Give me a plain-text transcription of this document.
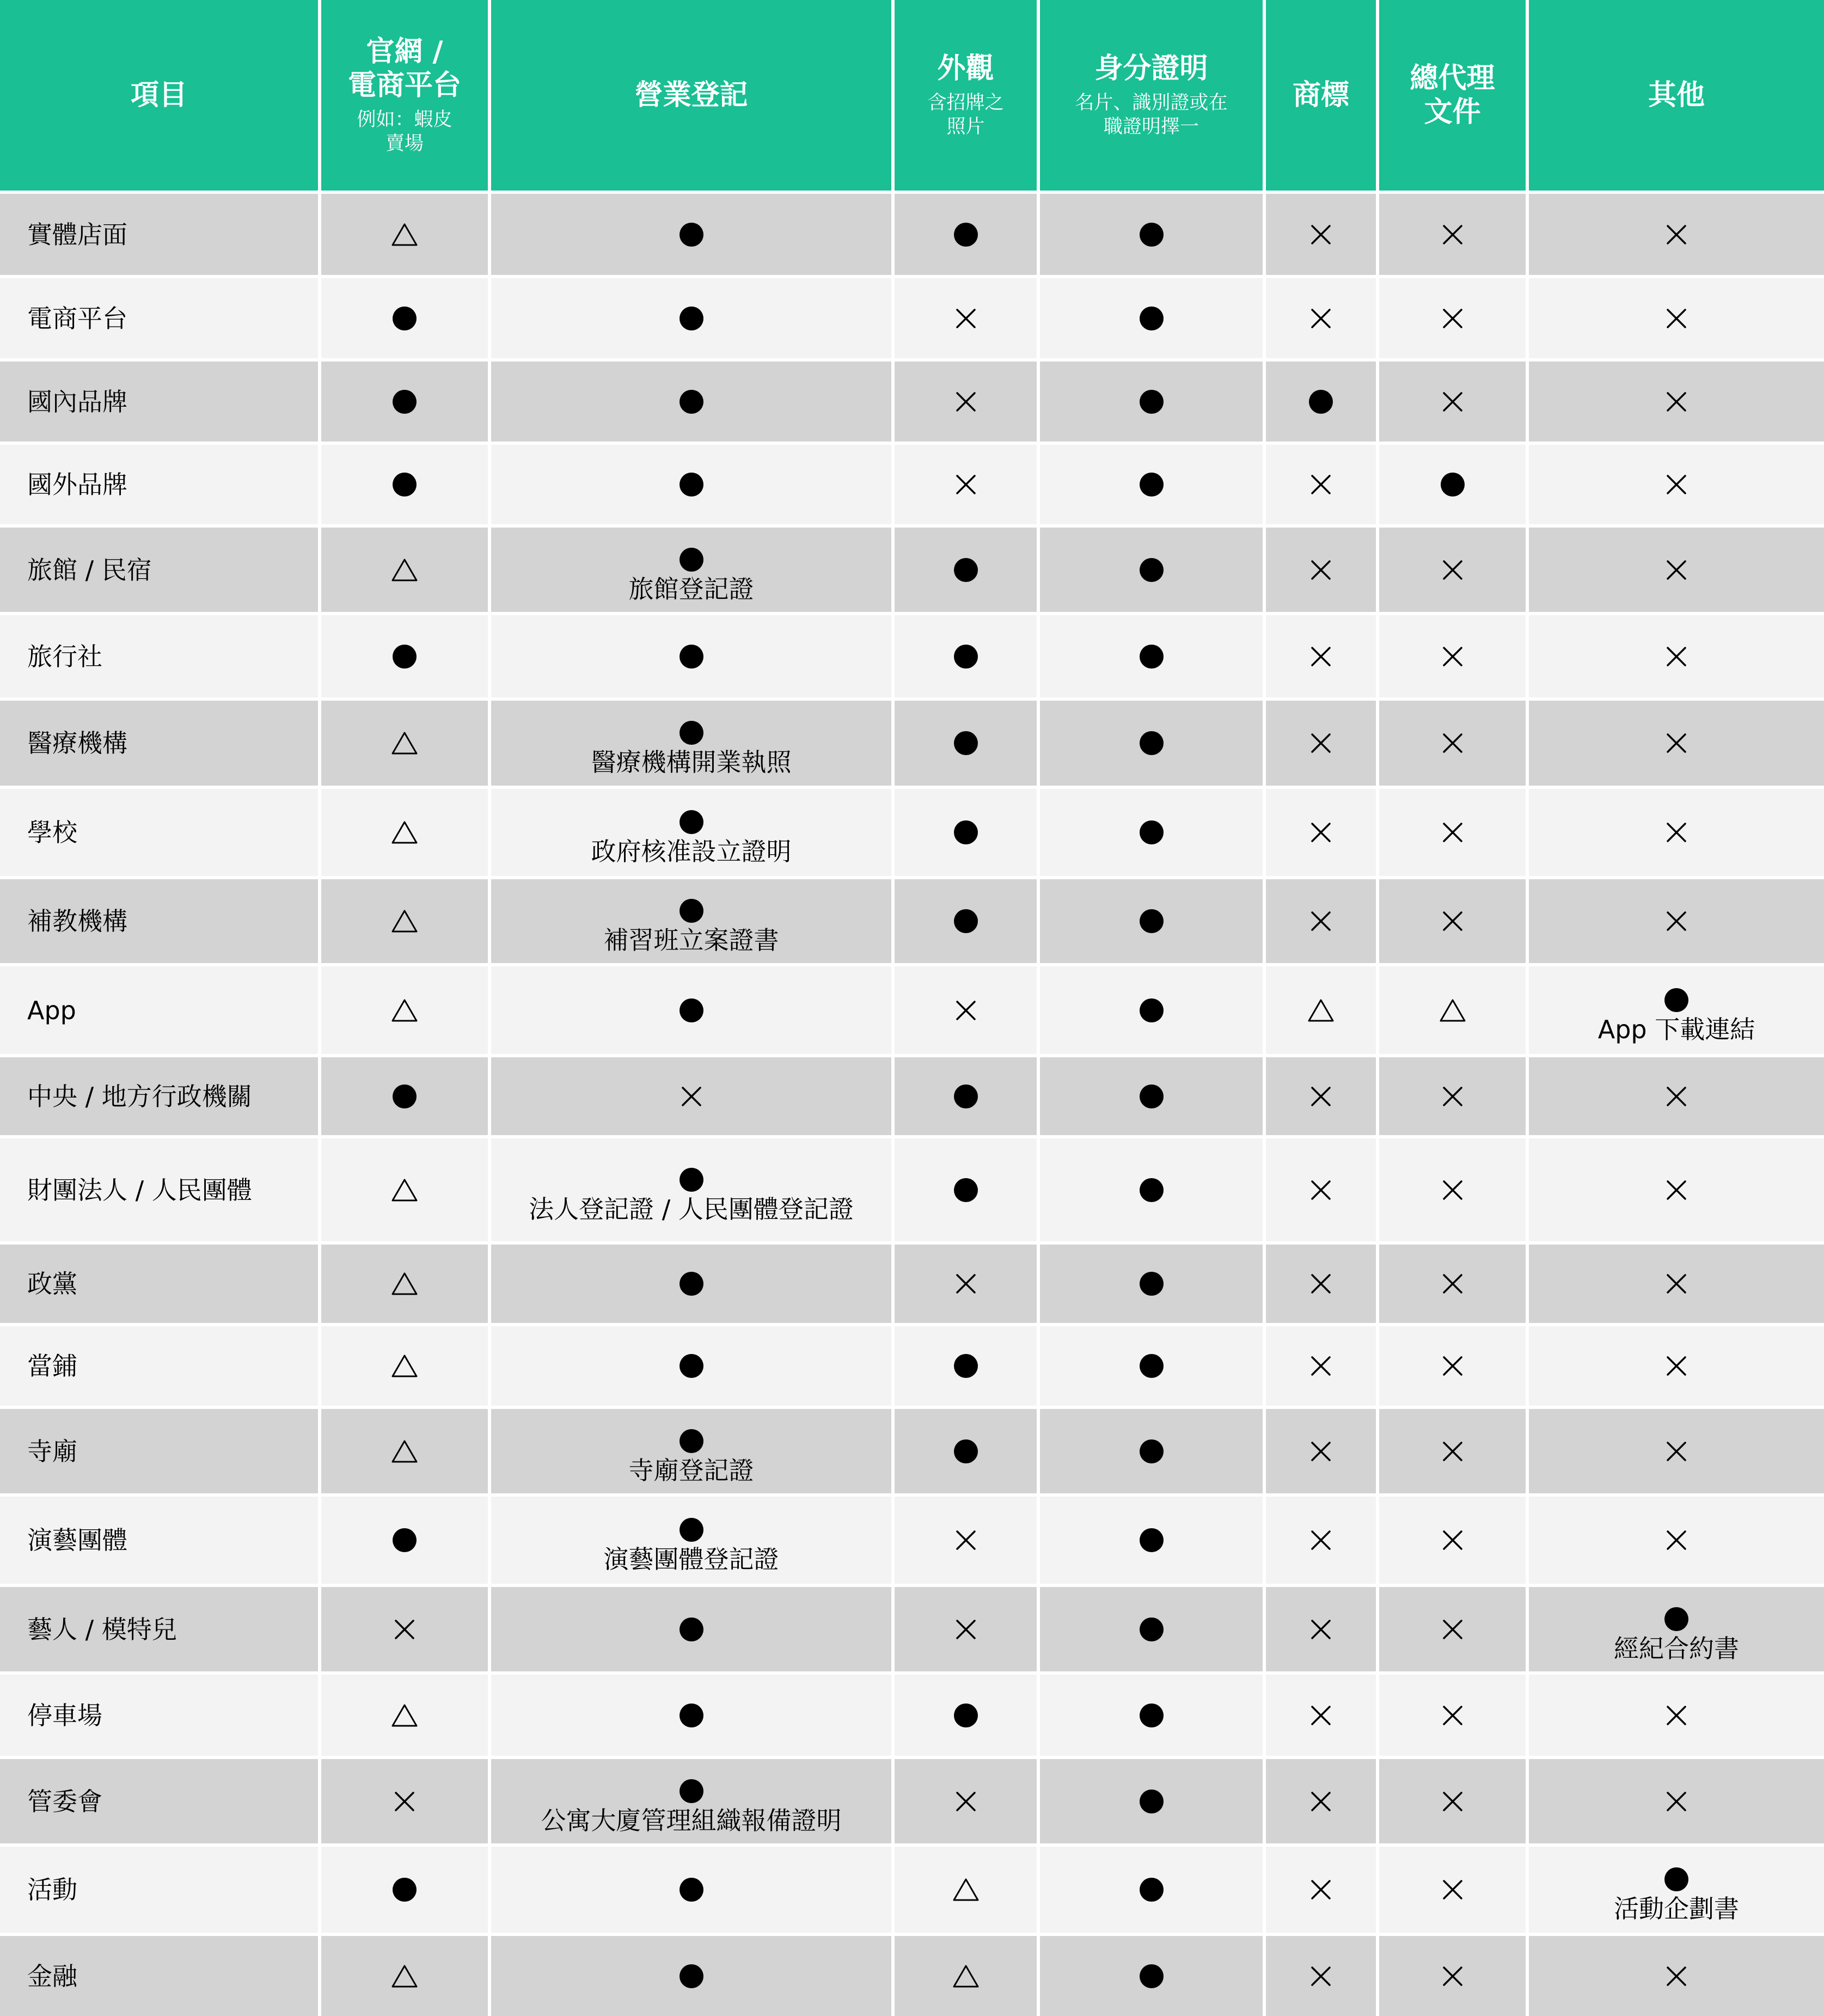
項目
官網 /
電商平台
例如：蝦皮
賣場
營業登記
外觀
含招牌之
照片
身分證明
名片、識別證或在
職證明擇一
商標
總代理
文件
其他
實體店面
電商平台
國內品牌
國外品牌
旅館 / 民宿
旅館登記證
旅行社
醫療機構
醫療機構開業執照
學校
政府核准設立證明
補教機構
補習班立案證書
App
App 下載連結
中央 / 地方行政機關
財團法人 / 人民團體
法人登記證 / 人民團體登記證
政黨
當鋪
寺廟
寺廟登記證
演藝團體
演藝團體登記證
藝人 / 模特兒
經紀合約書
停車場
管委會
公寓大廈管理組織報備證明
活動
活動企劃書
金融
